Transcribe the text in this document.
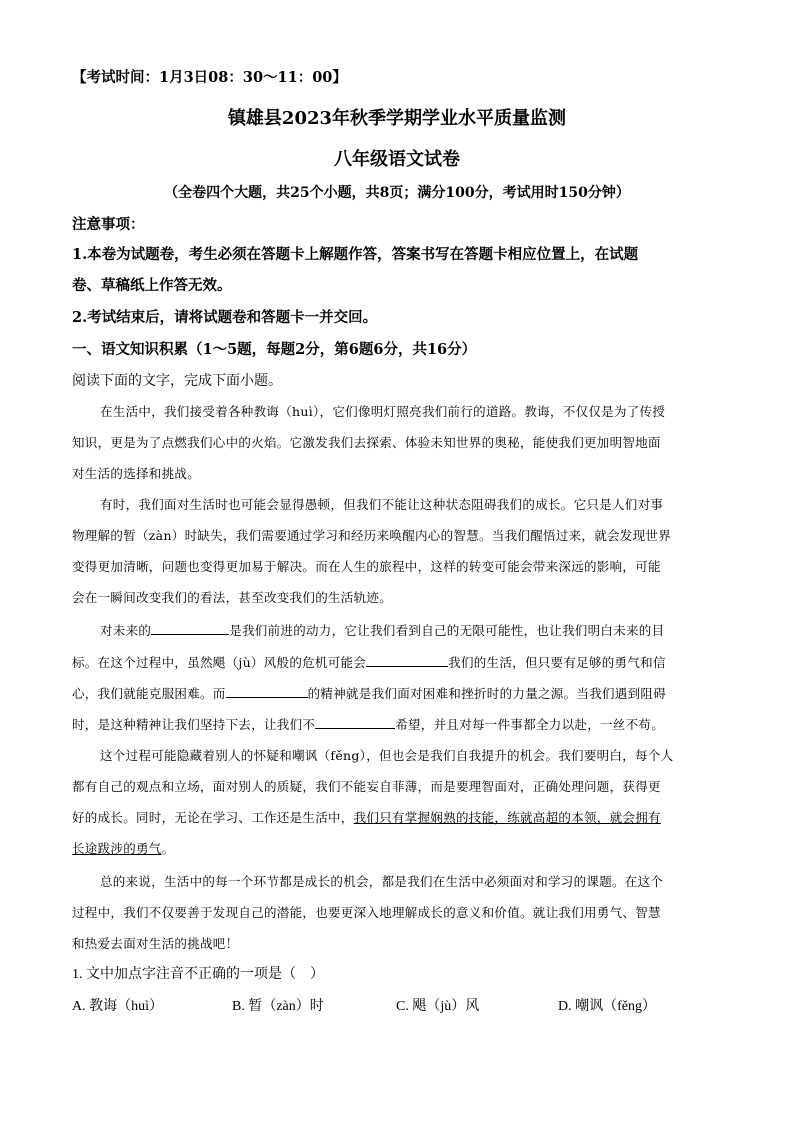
【考试时间：1月3日08：30～11：00】
镇雄县2023年秋季学期学业水平质量监测
八年级语文试卷
（全卷四个大题，共25个小题，共8页；满分100分，考试用时150分钟）
注意事项：
1.本卷为试题卷，考生必须在答题卡上解题作答，答案书写在答题卡相应位置上，在试题
卷、草稿纸上作答无效。
2.考试结束后，请将试题卷和答题卡一并交回。
一、语文知识积累（1～5题，每题2分，第6题6分，共16分）
阅读下面的文字，完成下面小题。
在生活中，我们接受着各种教诲（huì），它们像明灯照亮我们前行的道路。教诲，不仅仅是为了传授
知识，更是为了点燃我们心中的火焰。它激发我们去探索、体验未知世界的奥秘，能使我们更加明智地面
对生活的选择和挑战。
有时，我们面对生活时也可能会显得愚顿，但我们不能让这种状态阻碍我们的成长。它只是人们对事
物理解的暂（zàn）时缺失，我们需要通过学习和经历来唤醒内心的智慧。当我们醒悟过来，就会发现世界
变得更加清晰，问题也变得更加易于解决。而在人生的旅程中，这样的转变可能会带来深远的影响，可能
会在一瞬间改变我们的看法，甚至改变我们的生活轨迹。
对未来的	是我们前进的动力，它让我们看到自己的无限可能性，也让我们明白未来的目
标。在这个过程中，虽然飓（jù）风般的危机可能会	我们的生活，但只要有足够的勇气和信
心，我们就能克服困难。而	的精神就是我们面对困难和挫折时的力量之源。当我们遇到阻碍
时，是这种精神让我们坚持下去，让我们不	希望，并且对每一件事都全力以赴，一丝不苟。
这个过程可能隐藏着别人的怀疑和嘲讽（fěng），但也会是我们自我提升的机会。我们要明白，每个人
都有自己的观点和立场，面对别人的质疑，我们不能妄自菲薄，而是要理智面对，正确处理问题，获得更
好的成长。同时，无论在学习、工作还是生活中，我们只有掌握娴熟的技能，练就高超的本领，就会拥有
长途跋涉的勇气。
总的来说，生活中的每一个环节都是成长的机会，都是我们在生活中必须面对和学习的课题。在这个
过程中，我们不仅要善于发现自己的潜能，也要更深入地理解成长的意义和价值。就让我们用勇气、智慧
和热爱去面对生活的挑战吧！
1. 文中加点字注音不正确的一项是（　）
A. 教诲（huì）	B. 暂（zàn）时	C. 飓（jù）风	D. 嘲讽（fěng）
